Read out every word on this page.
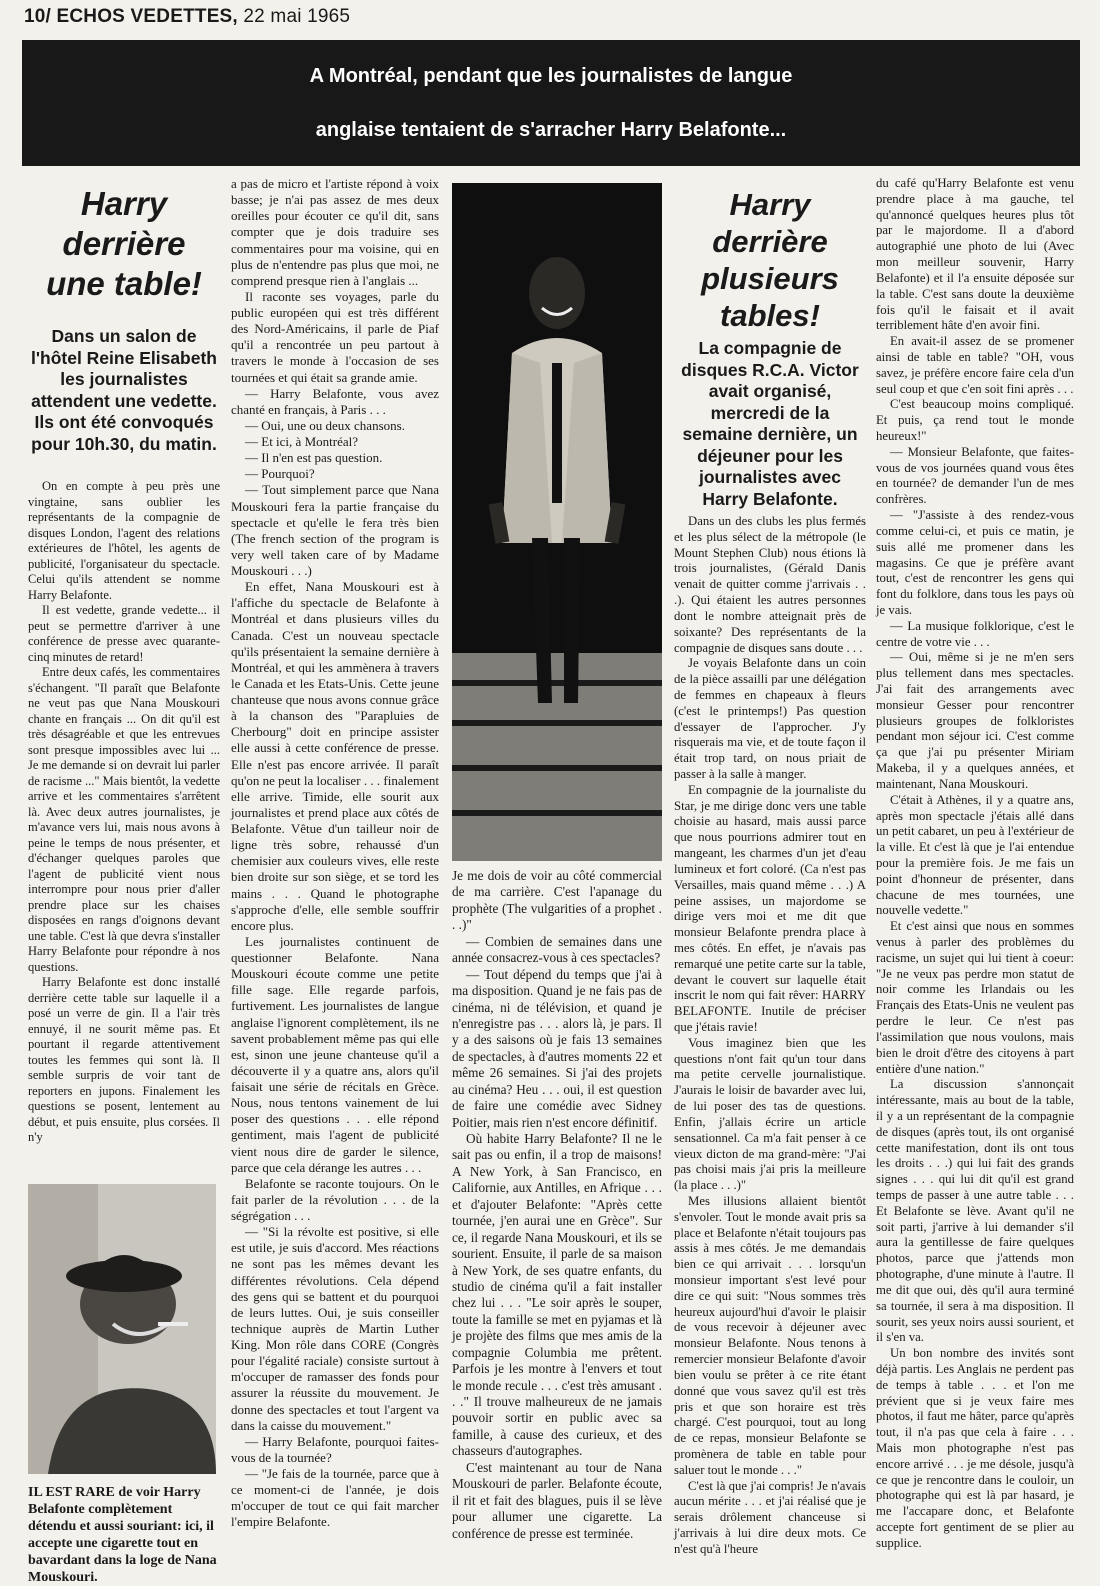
10/ ECHOS VEDETTES, 22 mai 1965
A Montréal, pendant que les journalistes de langue
anglaise tentaient de s'arracher Harry Belafonte...
Harry
derrière
une table!
Dans un salon de l'hôtel Reine Elisabeth les journalistes attendent une vedette. Ils ont été convoqués pour 10h.30, du matin.

On en compte à peu près une vingtaine, sans oublier les représentants de la compagnie de disques London, l'agent des relations extérieures de l'hôtel, les agents de publicité, l'organisateur du spectacle. Celui qu'ils attendent se nomme Harry Belafonte.

Il est vedette, grande vedette... il peut se permettre d'arriver à une conférence de presse avec quarante-cinq minutes de retard!

Entre deux cafés, les commentaires s'échangent. "Il paraît que Belafonte ne veut pas que Nana Mouskouri chante en français ... On dit qu'il est très désagréable et que les entrevues sont presque impossibles avec lui ... Je me demande si on devrait lui parler de racisme ..." Mais bientôt, la vedette arrive et les commentaires s'arrêtent là. Avec deux autres journalistes, je m'avance vers lui, mais nous avons à peine le temps de nous présenter, et d'échanger quelques paroles que l'agent de publicité vient nous interrompre pour nous prier d'aller prendre place sur les chaises disposées en rangs d'oignons devant une table. C'est là que devra s'installer Harry Belafonte pour répondre à nos questions.

Harry Belafonte est donc installé derrière cette table sur laquelle il a posé un verre de gin. Il a l'air très ennuyé, il ne sourit même pas. Et pourtant il regarde attentivement toutes les femmes qui sont là. Il semble surpris de voir tant de reporters en jupons. Finalement les questions se posent, lentement au début, et puis ensuite, plus corsées. Il n'y

IL EST RARE de voir Harry Belafonte complètement détendu et aussi souriant: ici, il accepte une cigarette tout en bavardant dans la loge de Nana Mouskouri.

a pas de micro et l'artiste répond à voix basse; je n'ai pas assez de mes deux oreilles pour écouter ce qu'il dit, sans compter que je dois traduire ses commentaires pour ma voisine, qui en plus de n'entendre pas plus que moi, ne comprend presque rien à l'anglais ...

Il raconte ses voyages, parle du public européen qui est très différent des Nord-Américains, il parle de Piaf qu'il a rencontrée un peu partout à travers le monde à l'occasion de ses tournées et qui était sa grande amie.

— Harry Belafonte, vous avez chanté en français, à Paris . . .

— Oui, une ou deux chansons.

— Et ici, à Montréal?

— Il n'en est pas question.

— Pourquoi?

— Tout simplement parce que Nana Mouskouri fera la partie française du spectacle et qu'elle le fera très bien (The french section of the program is very well taken care of by Madame Mouskouri . . .)

En effet, Nana Mouskouri est à l'affiche du spectacle de Belafonte à Montréal et dans plusieurs villes du Canada. C'est un nouveau spectacle qu'ils présentaient la semaine dernière à Montréal, et qui les ammènera à travers le Canada et les Etats-Unis. Cette jeune chanteuse que nous avons connue grâce à la chanson des "Parapluies de Cherbourg" doit en principe assister elle aussi à cette conférence de presse. Elle n'est pas encore arrivée. Il paraît qu'on ne peut la localiser . . . finalement elle arrive. Timide, elle sourit aux journalistes et prend place aux côtés de Belafonte. Vêtue d'un tailleur noir de ligne très sobre, rehaussé d'un chemisier aux couleurs vives, elle reste bien droite sur son siège, et se tord les mains . . . Quand le photographe s'approche d'elle, elle semble souffrir encore plus.

Les journalistes continuent de questionner Belafonte. Nana Mouskouri écoute comme une petite fille sage. Elle regarde parfois, furtivement. Les journalistes de langue anglaise l'ignorent complètement, ils ne savent probablement même pas qui elle est, sinon une jeune chanteuse qu'il a découverte il y a quatre ans, alors qu'il faisait une série de récitals en Grèce. Nous, nous tentons vainement de lui poser des questions . . . elle répond gentiment, mais l'agent de publicité vient nous dire de garder le silence, parce que cela dérange les autres . . .

Belafonte se raconte toujours. On le fait parler de la révolution . . . de la ségrégation . . .

— "Si la révolte est positive, si elle est utile, je suis d'accord. Mes réactions ne sont pas les mêmes devant les différentes révolutions. Cela dépend des gens qui se battent et du pourquoi de leurs luttes. Oui, je suis conseiller technique auprès de Martin Luther King. Mon rôle dans CORE (Congrès pour l'égalité raciale) consiste surtout à m'occuper de ramasser des fonds pour assurer la réussite du mouvement. Je donne des spectacles et tout l'argent va dans la caisse du mouvement."

— Harry Belafonte, pourquoi faites-vous de la tournée?

— "Je fais de la tournée, parce que à ce moment-ci de l'année, je dois m'occuper de tout ce qui fait marcher l'empire Belafonte.

Je me dois de voir au côté commercial de ma carrière. C'est l'apanage du prophète (The vulgarities of a prophet . . .)"

— Combien de semaines dans une année consacrez-vous à ces spectacles?

— Tout dépend du temps que j'ai à ma disposition. Quand je ne fais pas de cinéma, ni de télévision, et quand je n'enregistre pas . . . alors là, je pars. Il y a des saisons où je fais 13 semaines de spectacles, à d'autres moments 22 et même 26 semaines. Si j'ai des projets au cinéma? Heu . . . oui, il est question de faire une comédie avec Sidney Poitier, mais rien n'est encore définitif.

Où habite Harry Belafonte? Il ne le sait pas ou enfin, il a trop de maisons! A New York, à San Francisco, en Californie, aux Antilles, en Afrique . . . et d'ajouter Belafonte: "Après cette tournée, j'en aurai une en Grèce". Sur ce, il regarde Nana Mouskouri, et ils se sourient. Ensuite, il parle de sa maison à New York, de ses quatre enfants, du studio de cinéma qu'il a fait installer chez lui . . . "Le soir après le souper, toute la famille se met en pyjamas et là je projète des films que mes amis de la compagnie Columbia me prêtent. Parfois je les montre à l'envers et tout le monde recule . . . c'est très amusant . . ." Il trouve malheureux de ne jamais pouvoir sortir en public avec sa famille, à cause des curieux, et des chasseurs d'autographes.

C'est maintenant au tour de Nana Mouskouri de parler. Belafonte écoute, il rit et fait des blagues, puis il se lève pour allumer une cigarette. La conférence de presse est terminée.

Harry
derrière
plusieurs
tables!
La compagnie de disques R.C.A. Victor avait organisé, mercredi de la semaine dernière, un déjeuner pour les journalistes avec Harry Belafonte.

Dans un des clubs les plus fermés et les plus sélect de la métropole (le Mount Stephen Club) nous étions là trois journalistes, (Gérald Danis venait de quitter comme j'arrivais . . .). Qui étaient les autres personnes dont le nombre atteignait près de soixante? Des représentants de la compagnie de disques sans doute . . .

Je voyais Belafonte dans un coin de la pièce assailli par une délégation de femmes en chapeaux à fleurs (c'est le printemps!) Pas question d'essayer de l'approcher. J'y risquerais ma vie, et de toute façon il était trop tard, on nous priait de passer à la salle à manger.

En compagnie de la journaliste du Star, je me dirige donc vers une table choisie au hasard, mais aussi parce que nous pourrions admirer tout en mangeant, les charmes d'un jet d'eau lumineux et fort coloré. (Ca n'est pas Versailles, mais quand même . . .) A peine assises, un majordome se dirige vers moi et me dit que monsieur Belafonte prendra place à mes côtés. En effet, je n'avais pas remarqué une petite carte sur la table, devant le couvert sur laquelle était inscrit le nom qui fait rêver: HARRY BELAFONTE. Inutile de préciser que j'étais ravie!

Vous imaginez bien que les questions n'ont fait qu'un tour dans ma petite cervelle journalistique. J'aurais le loisir de bavarder avec lui, de lui poser des tas de questions. Enfin, j'allais écrire un article sensationnel. Ca m'a fait penser à ce vieux dicton de ma grand-mère: "J'ai pas choisi mais j'ai pris la meilleure (la place . . .)"

Mes illusions allaient bientôt s'envoler. Tout le monde avait pris sa place et Belafonte n'était toujours pas assis à mes côtés. Je me demandais bien ce qui arrivait . . . lorsqu'un monsieur important s'est levé pour dire ce qui suit: "Nous sommes très heureux aujourd'hui d'avoir le plaisir de vous recevoir à déjeuner avec monsieur Belafonte. Nous tenons à remercier monsieur Belafonte d'avoir bien voulu se prêter à ce rite étant donné que vous savez qu'il est très pris et que son horaire est très chargé. C'est pourquoi, tout au long de ce repas, monsieur Belafonte se promènera de table en table pour saluer tout le monde . . ."

C'est là que j'ai compris! Je n'avais aucun mérite . . . et j'ai réalisé que je serais drôlement chanceuse si j'arrivais à lui dire deux mots. Ce n'est qu'à l'heure

du café qu'Harry Belafonte est venu prendre place à ma gauche, tel qu'annoncé quelques heures plus tôt par le majordome. Il a d'abord autographié une photo de lui (Avec mon meilleur souvenir, Harry Belafonte) et il l'a ensuite déposée sur la table. C'est sans doute la deuxième fois qu'il le faisait et il avait terriblement hâte d'en avoir fini.

En avait-il assez de se promener ainsi de table en table? "OH, vous savez, je préfère encore faire cela d'un seul coup et que c'en soit fini après . . .

C'est beaucoup moins compliqué. Et puis, ça rend tout le monde heureux!"

— Monsieur Belafonte, que faites-vous de vos journées quand vous êtes en tournée? de demander l'un de mes confrères.

— "J'assiste à des rendez-vous comme celui-ci, et puis ce matin, je suis allé me promener dans les magasins. Ce que je préfère avant tout, c'est de rencontrer les gens qui font du folklore, dans tous les pays où je vais.

— La musique folklorique, c'est le centre de votre vie . . .

— Oui, même si je ne m'en sers plus tellement dans mes spectacles. J'ai fait des arrangements avec monsieur Gesser pour rencontrer plusieurs groupes de folkloristes pendant mon séjour ici. C'est comme ça que j'ai pu présenter Miriam Makeba, il y a quelques années, et maintenant, Nana Mouskouri.

C'était à Athènes, il y a quatre ans, après mon spectacle j'étais allé dans un petit cabaret, un peu à l'extérieur de la ville. Et c'est là que je l'ai entendue pour la première fois. Je me fais un point d'honneur de présenter, dans chacune de mes tournées, une nouvelle vedette."

Et c'est ainsi que nous en sommes venus à parler des problèmes du racisme, un sujet qui lui tient à coeur: "Je ne veux pas perdre mon statut de noir comme les Irlandais ou les Français des Etats-Unis ne veulent pas perdre le leur. Ce n'est pas l'assimilation que nous voulons, mais bien le droit d'être des citoyens à part entière d'une nation."

La discussion s'annonçait intéressante, mais au bout de la table, il y a un représentant de la compagnie de disques (après tout, ils ont organisé cette manifestation, dont ils ont tous les droits . . .) qui lui fait des grands signes . . . qui lui dit qu'il est grand temps de passer à une autre table . . . Et Belafonte se lève. Avant qu'il ne soit parti, j'arrive à lui demander s'il aura la gentillesse de faire quelques photos, parce que j'attends mon photographe, d'une minute à l'autre. Il me dit que oui, dès qu'il aura terminé sa tournée, il sera à ma disposition. Il sourit, ses yeux noirs aussi sourient, et il s'en va.

Un bon nombre des invités sont déjà partis. Les Anglais ne perdent pas de temps à table . . . et l'on me prévient que si je veux faire mes photos, il faut me hâter, parce qu'après tout, il n'a pas que cela à faire . . . Mais mon photographe n'est pas encore arrivé . . . je me désole, jusqu'à ce que je rencontre dans le couloir, un photographe qui est là par hasard, je me l'accapare donc, et Belafonte accepte fort gentiment de se plier au supplice.
